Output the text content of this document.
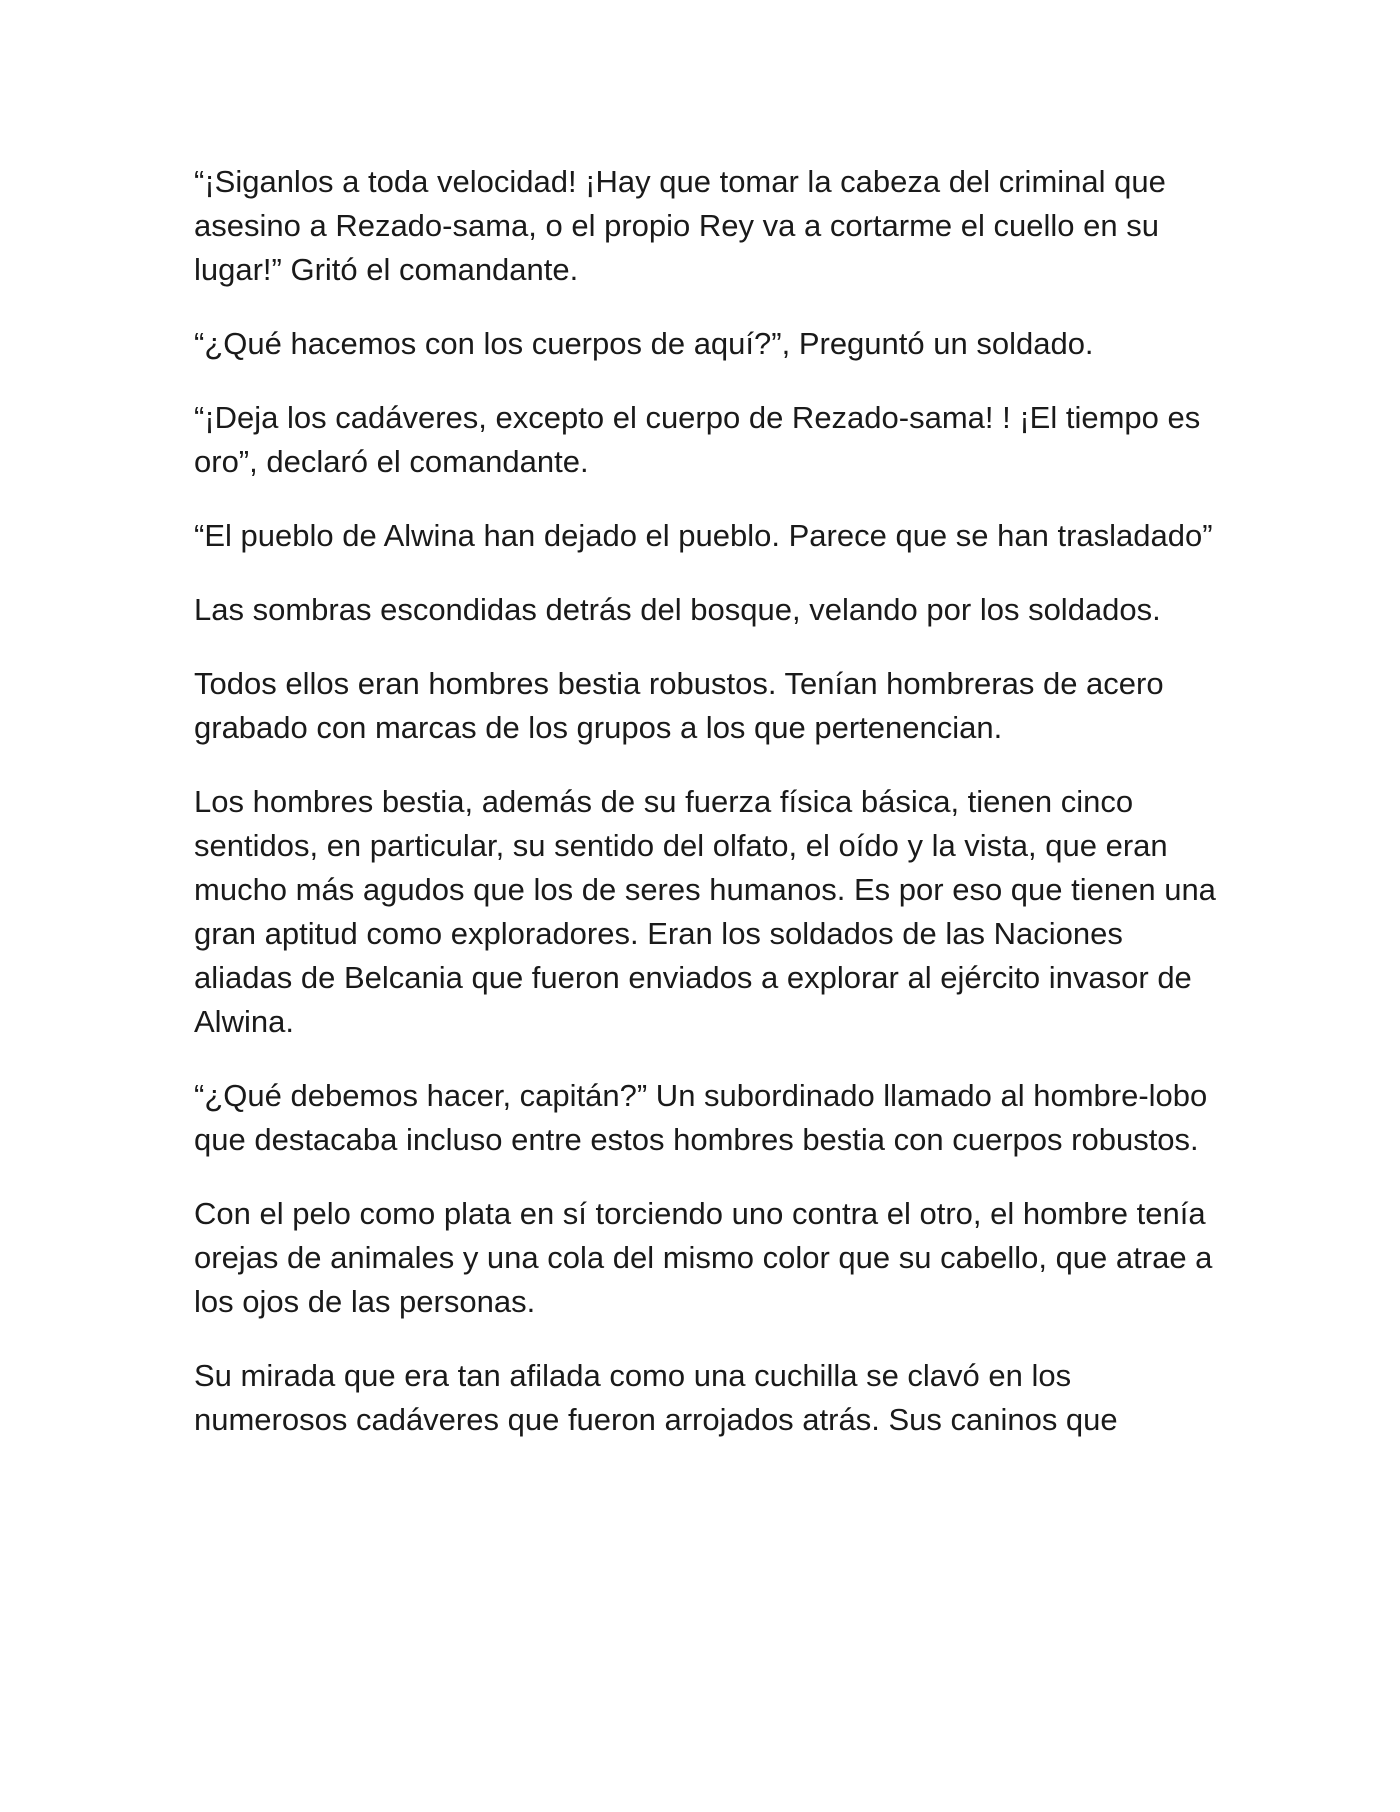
“¡Siganlos a toda velocidad! ¡Hay que tomar la cabeza del criminal que asesino a Rezado-sama, o el propio Rey va a cortarme el cuello en su lugar!” Gritó el comandante.

“¿Qué hacemos con los cuerpos de aquí?”, Preguntó un soldado.

“¡Deja los cadáveres, excepto el cuerpo de Rezado-sama! ! ¡El tiempo es oro”, declaró el comandante.

“El pueblo de Alwina han dejado el pueblo. Parece que se han trasladado”

Las sombras escondidas detrás del bosque, velando por los soldados.

Todos ellos eran hombres bestia robustos. Tenían hombreras de acero grabado con marcas de los grupos a los que pertenencian.

Los hombres bestia, además de su fuerza física básica, tienen cinco sentidos, en particular, su sentido del olfato, el oído y la vista, que eran mucho más agudos que los de seres humanos. Es por eso que tienen una gran aptitud como exploradores. Eran los soldados de las Naciones aliadas de Belcania que fueron enviados a explorar al ejército invasor de Alwina.

“¿Qué debemos hacer, capitán?” Un subordinado llamado al hombre-lobo que destacaba incluso entre estos hombres bestia con cuerpos robustos.

Con el pelo como plata en sí torciendo uno contra el otro, el hombre tenía orejas de animales y una cola del mismo color que su cabello, que atrae a los ojos de las personas.

Su mirada que era tan afilada como una cuchilla se clavó en los numerosos cadáveres que fueron arrojados atrás. Sus caninos que
